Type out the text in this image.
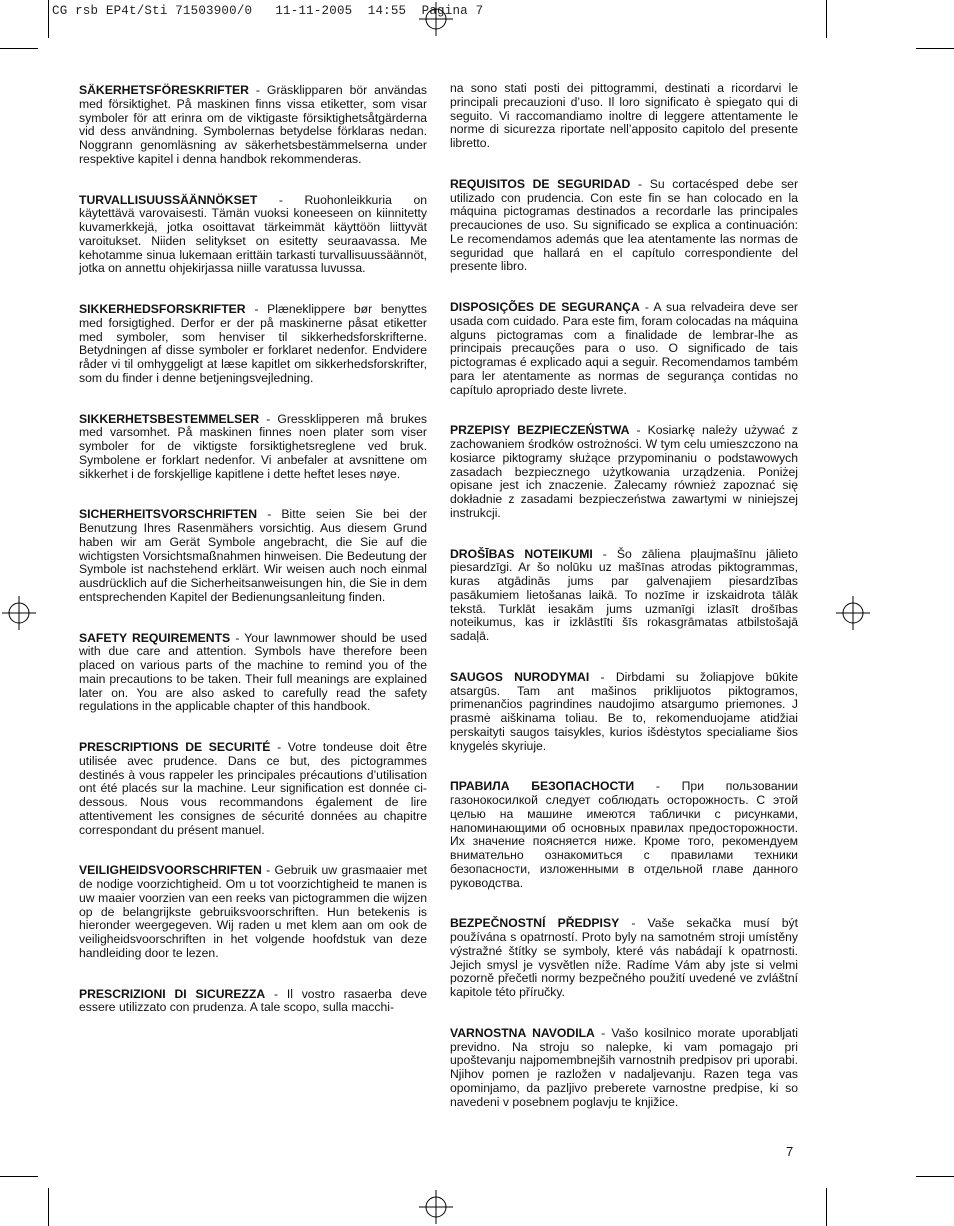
CG rsb EP4t/Sti 71503900/0   11-11-2005  14:55  Pagina 7

SÄKERHETSFÖRESKRIFTER - Gräsklipparen bör användas med försiktighet. På maskinen finns vissa etiketter, som visar symboler för att erinra om de viktigaste försiktighetsåtgärderna vid dess användning. Symbolernas betydelse förklaras nedan. Noggrann genomläsning av säkerhetsbestämmelserna under respektive kapitel i denna handbok rekommenderas.

TURVALLISUUSSÄÄNNÖKSET - Ruohonleikkuria on käytettävä varovaisesti. Tämän vuoksi koneeseen on kiinnitetty kuvamerkkejä, jotka osoittavat tärkeimmät käyttöön liittyvät varoitukset. Niiden selitykset on esitetty seuraavassa. Me kehotamme sinua lukemaan erittäin tarkasti turvallisuussäännöt, jotka on annettu ohjekirjassa niille varatussa luvussa.

SIKKERHEDSFORSKRIFTER - Plæneklippere bør benyttes med forsigtighed. Derfor er der på maskinerne påsat etiketter med symboler, som henviser til sikkerhedsforskrifterne. Betydningen af disse symboler er forklaret nedenfor. Endvidere råder vi til omhyggeligt at læse kapitlet om sikkerhedsforskrifter, som du finder i denne betjeningsvejledning.

SIKKERHETSBESTEMMELSER - Gressklipperen må brukes med varsomhet. På maskinen finnes noen plater som viser symboler for de viktigste forsiktighetsreglene ved bruk. Symbolene er forklart nedenfor. Vi anbefaler at avsnittene om sikkerhet i de forskjellige kapitlene i dette heftet leses nøye.

SICHERHEITSVORSCHRIFTEN - Bitte seien Sie bei der Benutzung Ihres Rasenmähers vorsichtig. Aus diesem Grund haben wir am Gerät Symbole angebracht, die Sie auf die wichtigsten Vorsichtsmaßnahmen hinweisen. Die Bedeutung der Symbole ist nachstehend erklärt. Wir weisen auch noch einmal ausdrücklich auf die Sicherheitsanweisungen hin, die Sie in dem entsprechenden Kapitel der Bedienungsanleitung finden.

SAFETY REQUIREMENTS - Your lawnmower should be used with due care and attention. Symbols have therefore been placed on various parts of the machine to remind you of the main precautions to be taken. Their full meanings are explained later on. You are also asked to carefully read the safety regulations in the applicable chapter of this handbook.

PRESCRIPTIONS DE SECURITÉ - Votre tondeuse doit être utilisée avec prudence. Dans ce but, des pictogrammes destinés à vous rappeler les principales précautions d’utilisation ont été placés sur la machine. Leur signification est donnée ci-dessous. Nous vous recommandons également de lire attentivement les consignes de sécurité données au chapitre correspondant du présent manuel.

VEILIGHEIDSVOORSCHRIFTEN - Gebruik uw grasmaaier met de nodige voorzichtigheid. Om u tot voorzichtigheid te manen is uw maaier voorzien van een reeks van pictogrammen die wijzen op de belangrijkste gebruiksvoorschriften. Hun betekenis is hieronder weergegeven. Wij raden u met klem aan om ook de veiligheidsvoorschriften in het volgende hoofdstuk van deze handleiding door te lezen.

PRESCRIZIONI DI SICUREZZA - Il vostro rasaerba deve essere utilizzato con prudenza. A tale scopo, sulla macchi-

na sono stati posti dei pittogrammi, destinati a ricordarvi le principali precauzioni d’uso. Il loro significato è spiegato qui di seguito. Vi raccomandiamo inoltre di leggere attentamente le norme di sicurezza riportate nell’apposito capitolo del presente libretto.

REQUISITOS DE SEGURIDAD - Su cortacésped debe ser utilizado con prudencia. Con este fin se han colocado en la máquina pictogramas destinados a recordarle las principales precauciones de uso. Su significado se explica a continuación: Le recomendamos además que lea atentamente las normas de seguridad que hallará en el capítulo correspondiente del presente libro.

DISPOSIÇÕES DE SEGURANÇA - A sua relvadeira deve ser usada com cuidado. Para este fim, foram colocadas na máquina alguns pictogramas com a finalidade de lembrar-lhe as principais precauções para o uso. O significado de tais pictogramas é explicado aqui a seguir. Recomendamos também para ler atentamente as normas de segurança contidas no capítulo apropriado deste livrete.

PRZEPISY BEZPIECZEŃSTWA - Kosiarkę należy używać z zachowaniem środków ostrożności. W tym celu umieszczono na kosiarce piktogramy służące przypominaniu o podstawowych zasadach bezpiecznego użytkowania urządzenia. Poniżej opisane jest ich znaczenie. Zalecamy również zapoznać się dokładnie z zasadami bezpieczeństwa zawartymi w niniejszej instrukcji.

DROŠĪBAS NOTEIKUMI - Šo zāliena pļaujmašīnu jālieto piesardzīgi. Ar šo nolūku uz mašīnas atrodas piktogrammas, kuras atgādinās jums par galvenajiem piesardzības pasākumiem lietošanas laikā. To nozīme ir izskaidrota tālāk tekstā. Turklāt iesakām jums uzmanīgi izlasīt drošības noteikumus, kas ir izklāstīti šīs rokasgrāmatas atbilstošajā sadaļā.

SAUGOS NURODYMAI - Dirbdami su žoliapjove būkite atsargūs. Tam ant mašinos priklijuotos piktogramos, primenančios pagrindines naudojimo atsargumo priemones. J prasmė aiškinama toliau. Be to, rekomenduojame atidžiai perskaityti saugos taisykles, kurios išdėstytos specialiame šios knygelės skyriuje.

ПРАВИЛА БЕЗОПАСНОСТИ - При пользовании газонокосилкой следует соблюдать осторожность. С этой целью на машине имеются таблички с рисунками, напоминающими об основных правилах предосторожности. Их значение поясняется ниже. Кроме того, рекомендуем внимательно ознакомиться с правилами техники безопасности, изложенными в отдельной главе данного руководства.

BEZPEČNOSTNÍ PŘEDPISY - Vaše sekačka musí být používána s opatrností. Proto byly na samotném stroji umístěny výstražné štítky se symboly, které vás nabádají k opatrnosti. Jejich smysl je vysvětlen níže. Radíme Vám aby jste si velmi pozorně přečetli normy bezpečného použití uvedené ve zvláštní kapitole této příručky.

VARNOSTNA NAVODILA - Vašo kosilnico morate uporabljati previdno. Na stroju so nalepke, ki vam pomagajo pri upoštevanju najpomembnejših varnostnih predpisov pri uporabi. Njihov pomen je razložen v nadaljevanju. Razen tega vas opominjamo, da pazljivo preberete varnostne predpise, ki so navedeni v posebnem poglavju te knjižice.

7
